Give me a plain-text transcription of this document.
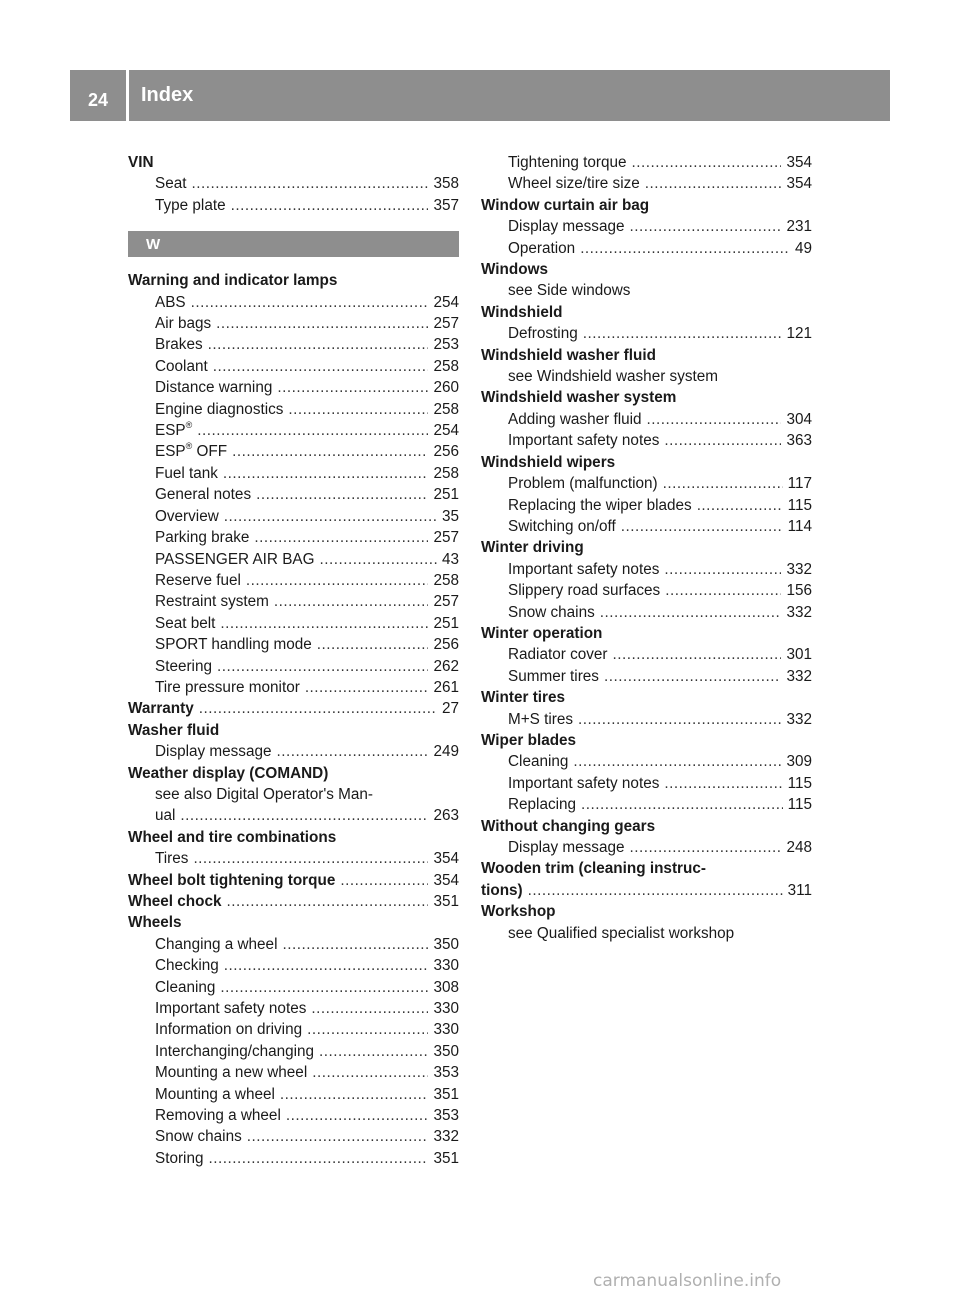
24	Index
VIN
Seat .....	358
Type plate .....	357
W
Warning and indicator lamps
ABS .....	254
Air bags .....	257
Brakes .....	253
Coolant .....	258
Distance warning .....	260
Engine diagnostics .....	258
ESP® .....	254
ESP® OFF .....	256
Fuel tank .....	258
General notes .....	251
Overview .....	35
Parking brake .....	257
PASSENGER AIR BAG .....	43
Reserve fuel .....	258
Restraint system .....	257
Seat belt .....	251
SPORT handling mode .....	256
Steering .....	262
Tire pressure monitor .....	261
Warranty .....	27
Washer fluid
Display message .....	249
Weather display (COMAND)
see also Digital Operator's Man-
ual .....	263
Wheel and tire combinations
Tires .....	354
Wheel bolt tightening torque .....	354
Wheel chock .....	351
Wheels
Changing a wheel .....	350
Checking .....	330
Cleaning .....	308
Important safety notes .....	330
Information on driving .....	330
Interchanging/changing .....	350
Mounting a new wheel .....	353
Mounting a wheel .....	351
Removing a wheel .....	353
Snow chains .....	332
Storing .....	351
Tightening torque .....	354
Wheel size/tire size .....	354
Window curtain air bag
Display message .....	231
Operation .....	49
Windows
see Side windows
Windshield
Defrosting .....	121
Windshield washer fluid
see Windshield washer system
Windshield washer system
Adding washer fluid .....	304
Important safety notes .....	363
Windshield wipers
Problem (malfunction) .....	117
Replacing the wiper blades .....	115
Switching on/off .....	114
Winter driving
Important safety notes .....	332
Slippery road surfaces .....	156
Snow chains .....	332
Winter operation
Radiator cover .....	301
Summer tires .....	332
Winter tires
M+S tires .....	332
Wiper blades
Cleaning .....	309
Important safety notes .....	115
Replacing .....	115
Without changing gears
Display message .....	248
Wooden trim (cleaning instruc-
tions) .....	311
Workshop
see Qualified specialist workshop
carmanualsonline.info
